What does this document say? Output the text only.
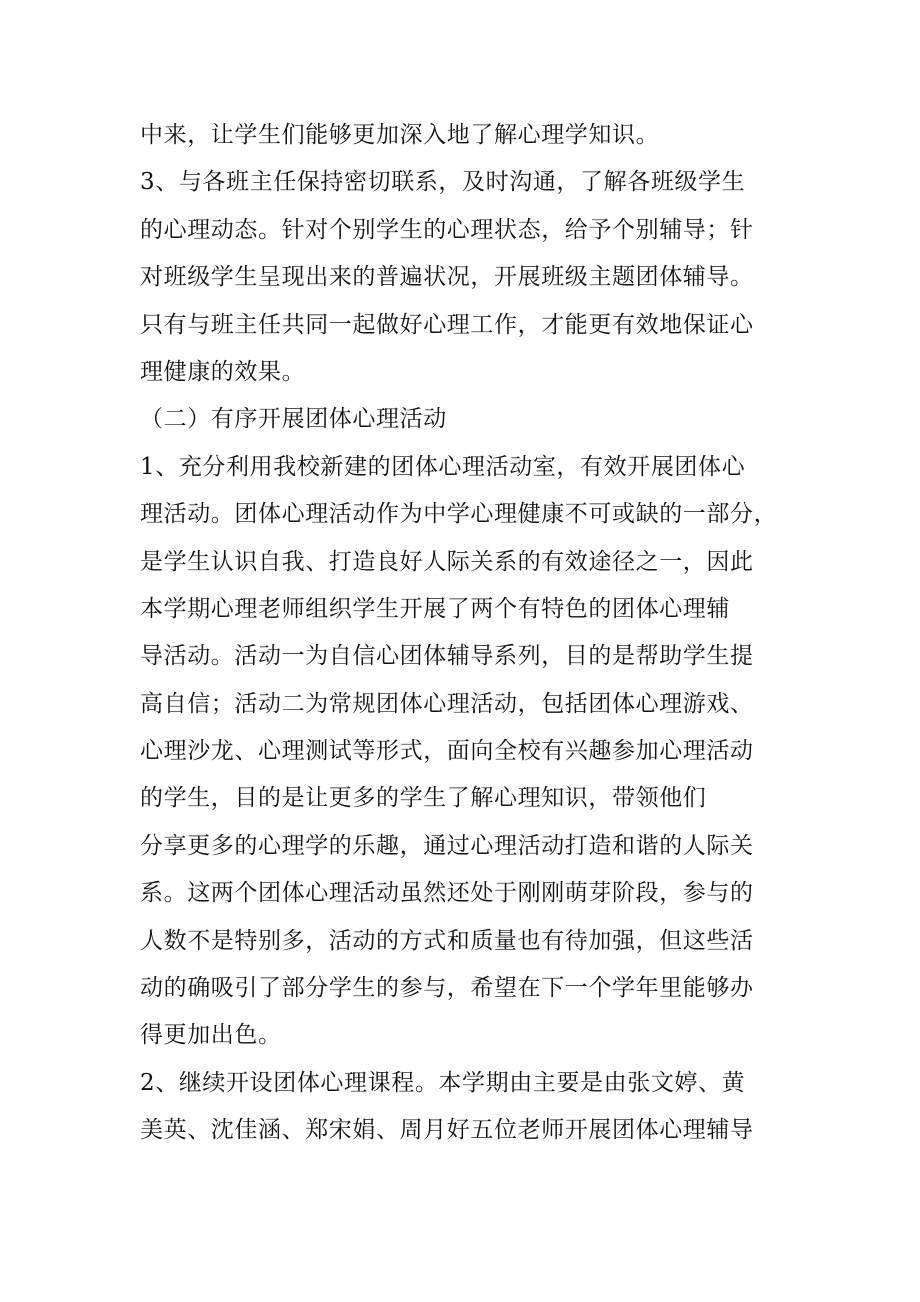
中来，让学生们能够更加深入地了解心理学知识。
3、与各班主任保持密切联系，及时沟通，了解各班级学生
的心理动态。针对个别学生的心理状态，给予个别辅导；针
对班级学生呈现出来的普遍状况，开展班级主题团体辅导。
只有与班主任共同一起做好心理工作，才能更有效地保证心
理健康的效果。
（二）有序开展团体心理活动
1、充分利用我校新建的团体心理活动室，有效开展团体心
理活动。团体心理活动作为中学心理健康不可或缺的一部分，
是学生认识自我、打造良好人际关系的有效途径之一，因此
本学期心理老师组织学生开展了两个有特色的团体心理辅
导活动。活动一为自信心团体辅导系列，目的是帮助学生提
高自信；活动二为常规团体心理活动，包括团体心理游戏、
心理沙龙、心理测试等形式，面向全校有兴趣参加心理活动
的学生，目的是让更多的学生了解心理知识，带领他们
分享更多的心理学的乐趣，通过心理活动打造和谐的人际关
系。这两个团体心理活动虽然还处于刚刚萌芽阶段，参与的
人数不是特别多，活动的方式和质量也有待加强，但这些活
动的确吸引了部分学生的参与，希望在下一个学年里能够办
得更加出色。
2、继续开设团体心理课程。本学期由主要是由张文婷、黄
美英、沈佳涵、郑宋娟、周月好五位老师开展团体心理辅导
